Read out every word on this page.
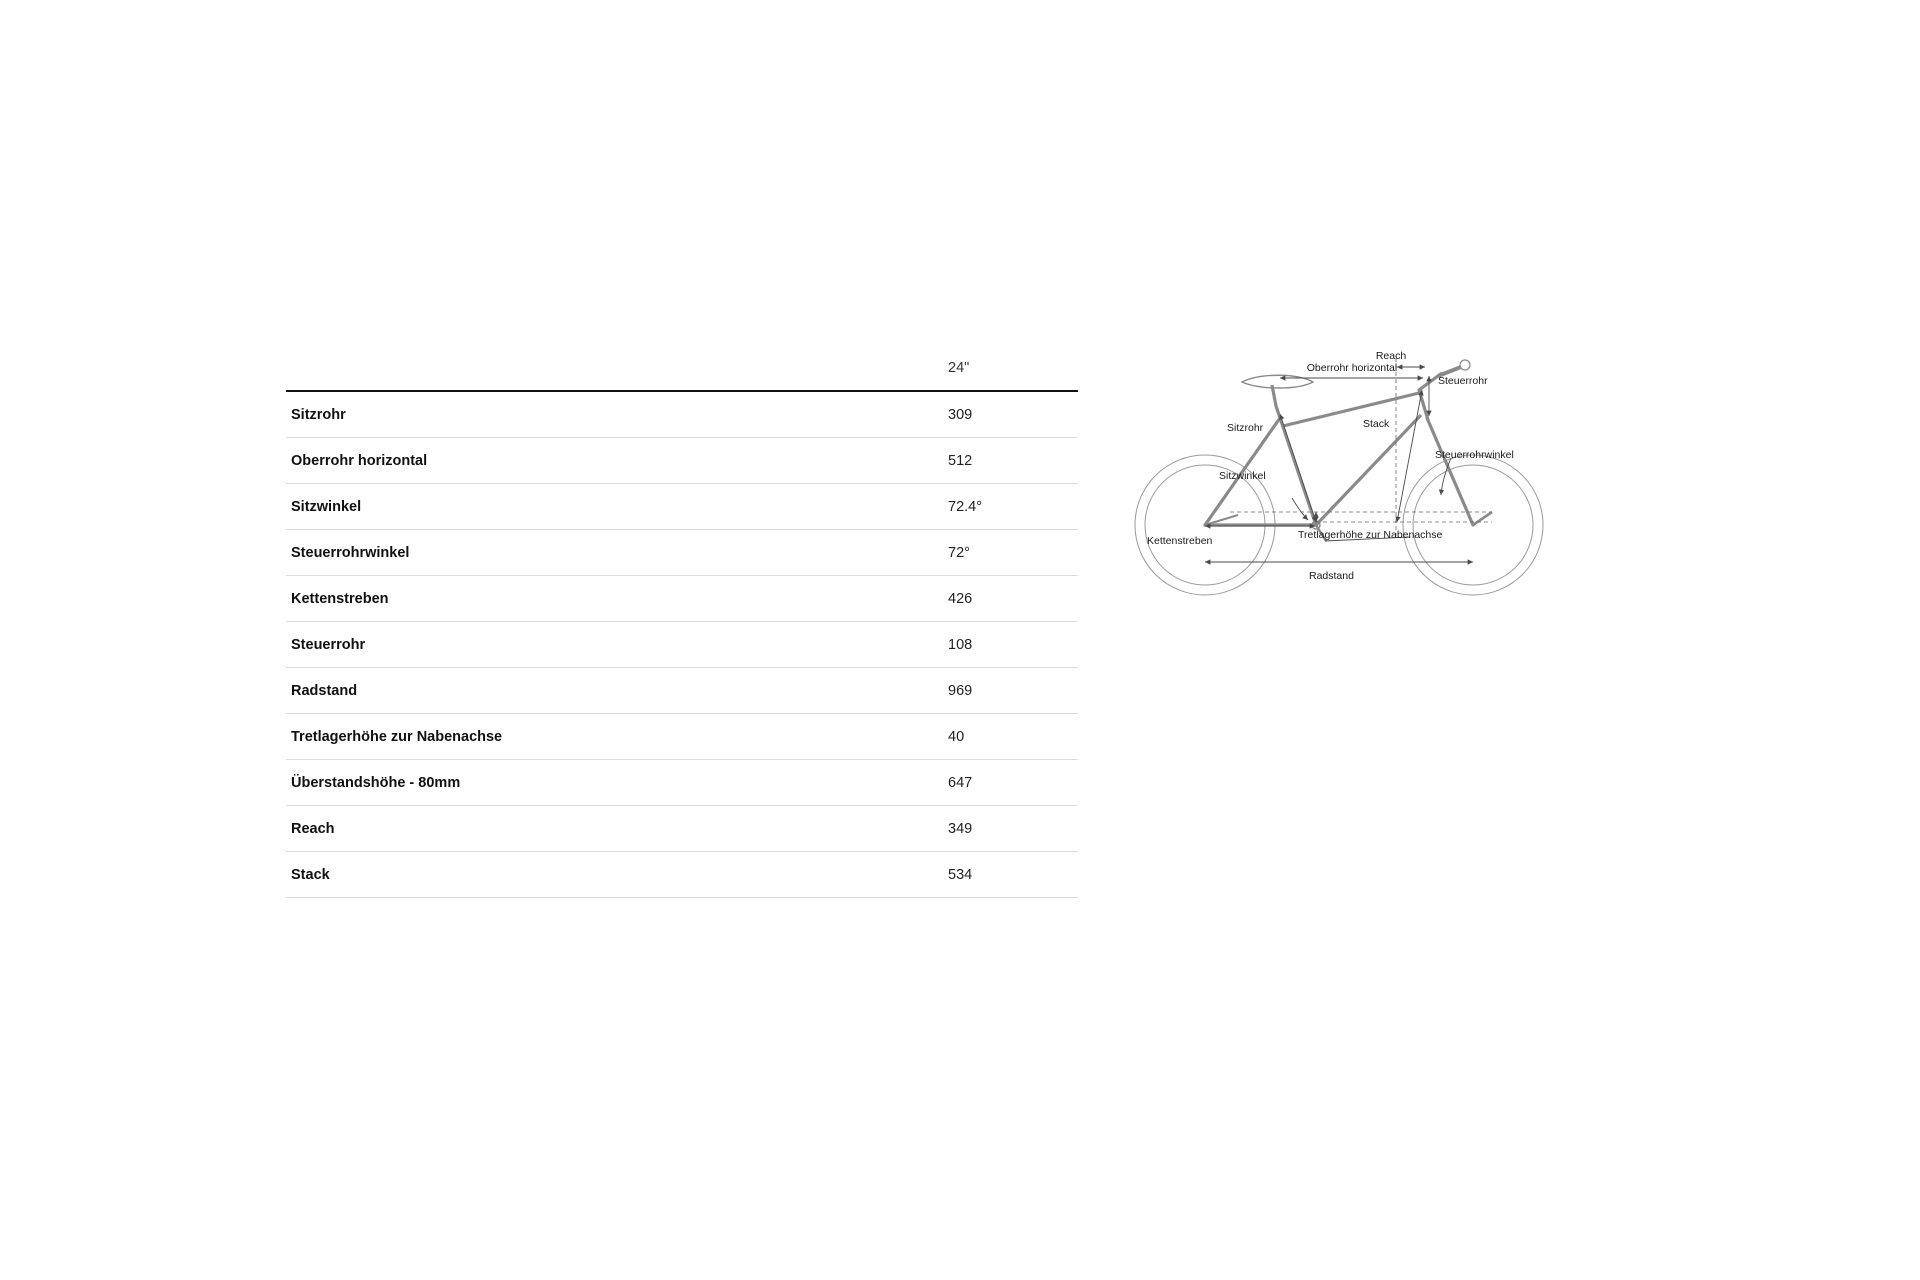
	24"
Sitzrohr	309
Oberrohr horizontal	512
Sitzwinkel	72.4°
Steuerrohrwinkel	72°
Kettenstreben	426
Steuerrohr	108
Radstand	969
Tretlagerhöhe zur Nabenachse	40
Überstandshöhe - 80mm	647
Reach	349
Stack	534
Reach
Oberrohr horizontal
Steuerrohr
Sitzrohr	Stack
Steuerrohrwinkel
Sitzwinkel
Kettenstreben	Tretlagerhöhe zur Nabenachse
Radstand
